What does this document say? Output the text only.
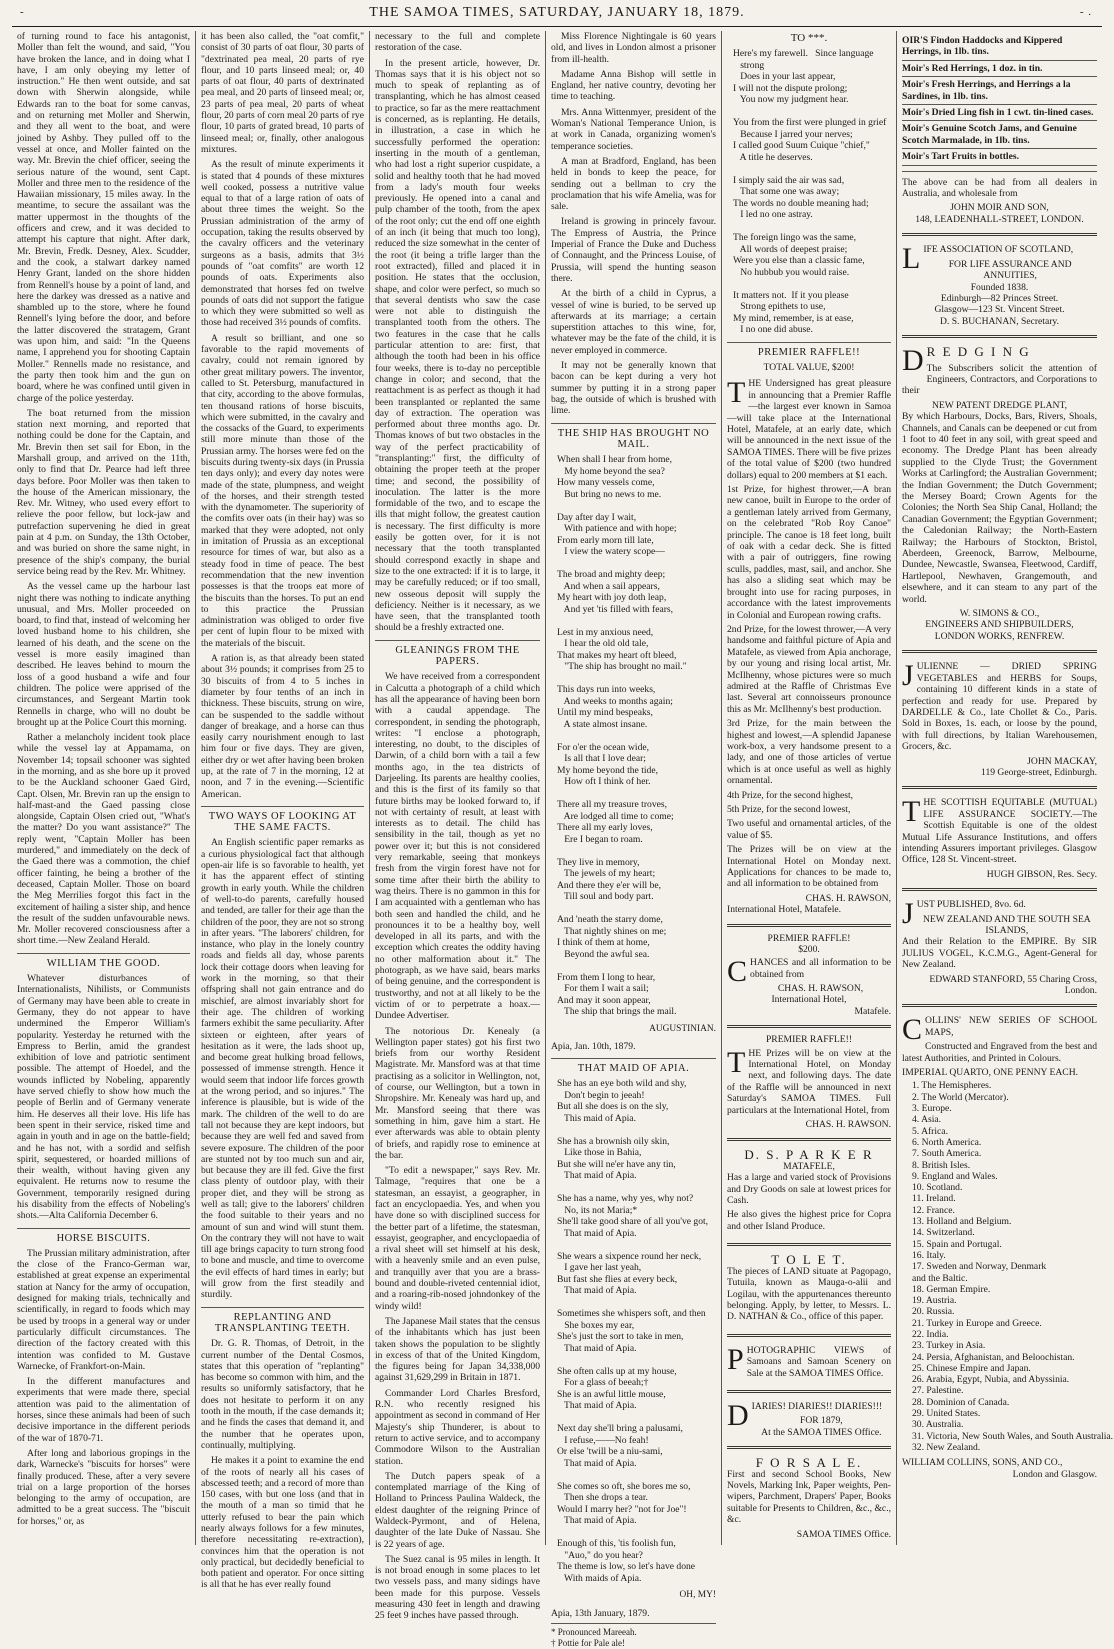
-	THE SAMOA TIMES, SATURDAY, JANUARY 18, 1879.	- .

of turning round to face his antagonist, Moller than felt the wound, and said, "You have broken the lance, and in doing what I have, I am only obeying my letter of instruction." He then went outside, and sat down with Sherwin alongside, while Edwards ran to the boat for some canvas, and on returning met Moller and Sherwin, and they all went to the boat, and were joined by Ashby. They pulled off to the vessel at once, and Moller fainted on the way. Mr. Brevin the chief officer, seeing the serious nature of the wound, sent Capt. Moller and three men to the residence of the Hawaiian missionary, 15 miles away. In the meantime, to secure the assailant was the matter uppermost in the thoughts of the officers and crew, and it was decided to attempt his capture that night. After dark, Mr. Brevin, Fredk. Desney, Alex. Scudder, and the cook, a stalwart darkey named Henry Grant, landed on the shore hidden from Rennell's house by a point of land, and here the darkey was dressed as a native and shambled up to the store, where he found Rennell's lying before the door, and before the latter discovered the stratagem, Grant was upon him, and said: "In the Queens name, I apprehend you for shooting Captain Moller." Rennells made no resistance, and the party then took him and the gun on board, where he was confined until given in charge of the police yesterday.

The boat returned from the mission station next morning, and reported that nothing could be done for the Captain, and Mr. Brevin then set sail for Ebon, in the Marshall group, and arrived on the 11th, only to find that Dr. Pearce had left three days before. Poor Moller was then taken to the house of the American missionary, the Rev. Mr. Witney, who used every effort to relieve the poor fellow, but lock-jaw and putrefaction supervening he died in great pain at 4 p.m. on Sunday, the 13th October, and was buried on shore the same night, in presence of the ship's company, the burial service being read by the Rev. Mr. Whitney.

As the vessel came up the harbour last night there was nothing to indicate anything unusual, and Mrs. Moller proceeded on board, to find that, instead of welcoming her loved husband home to his children, she learned of his death, and the scene on the vessel is more easily imagined than described. He leaves behind to mourn the loss of a good husband a wife and four children. The police were apprised of the circumstances, and Sergeant Martin took Rennells in charge, who will no doubt be brought up at the Police Court this morning.

Rather a melancholy incident took place while the vessel lay at Appamama, on November 14; topsail schooner was sighted in the morning, and as she bore up it proved to be the Auckland schooner Gaed Gird, Capt. Olsen, Mr. Brevin ran up the ensign to half-mast-and the Gaed passing close alongside, Captain Olsen cried out, "What's the matter? Do you want assistance?" The reply went, "Captain Moller has been murdered," and immediately on the deck of the Gaed there was a commotion, the chief officer fainting, he being a brother of the deceased, Captain Moller. Those on board the Meg Merrilies forgot this fact in the excitement of hailing a sister ship, and hence the result of the sudden unfavourable news. Mr. Moller recovered consciousness after a short time.—New Zealand Herald.

WILLIAM THE GOOD.

Whatever disturbances of Internationalists, Nihilists, or Communists of Germany may have been able to create in Germany, they do not appear to have undermined the Emperor William's popularity. Yesterday he returned with the Empress to Berlin, amid the grandest exhibition of love and patriotic sentiment possible. The attempt of Hoedel, and the wounds inflicted by Nobeling, apparently have served chiefly to show how much the people of Berlin and of Germany venerate him. He deserves all their love. His life has been spent in their service, risked time and again in youth and in age on the battle-field; and he has not, with a sordid and selfish spirit, sequestered, or hoarded millions of their wealth, without having given any equivalent. He returns now to resume the Government, temporarily resigned during his disability from the effects of Nobeling's shots.—Alta California December 6.

HORSE BISCUITS.

The Prussian military administration, after the close of the Franco-German war, established at great expense an experimental station at Nancy for the army of occupation, designed for making trials, technically and scientifically, in regard to foods which may be used by troops in a general way or under particularly difficult circumstances. The direction of the factory created with this intention was confided to M. Gustave Warnecke, of Frankfort-on-Main.

In the different manufactures and experiments that were made there, special attention was paid to the alimentation of horses, since these animals had been of such decisive importance in the different periods of the war of 1870-71.

After long and laborious gropings in the dark, Warnecke's "biscuits for horses" were finally produced. These, after a very severe trial on a large proportion of the horses belonging to the army of occupation, are admitted to be a great success. The "biscuit for horses," or, as

it has been also called, the "oat comfit," consist of 30 parts of oat flour, 30 parts of "dextrinated pea meal, 20 parts of rye flour, and 10 parts linseed meal; or, 40 parts of oat flour, 40 parts of dextrinated pea meal, and 20 parts of linseed meal; or, 23 parts of pea meal, 20 parts of wheat flour, 20 parts of corn meal 20 parts of rye flour, 10 parts of grated bread, 10 parts of linseed meal; or, finally, other analogous mixtures.

As the result of minute experiments it is stated that 4 pounds of these mixtures well cooked, possess a nutritive value equal to that of a large ration of oats of about three times the weight. So the Prussian administration of the army of occupation, taking the results observed by the cavalry officers and the veterinary surgeons as a basis, admits that 3½ pounds of "oat comfits" are worth 12 pounds of oats. Experiments also demonstrated that horses fed on twelve pounds of oats did not support the fatigue to which they were submitted so well as those had received 3½ pounds of comfits.

A result so brilliant, and one so favorable to the rapid movements of cavalry, could not remain ignored by other great military powers. The inventor, called to St. Petersburg, manufactured in that city, according to the above formulas, ten thousand rations of horse biscuits, which were submitted, in the cavalry and the cossacks of the Guard, to experiments still more minute than those of the Prussian army. The horses were fed on the biscuits during twenty-six days (in Prussia ten days only); and every day notes were made of the state, plumpness, and weight of the horses, and their strength tested with the dynamometer. The superiority of the comfits over oats (in their hay) was so marked that they were adopted, not only in imitation of Prussia as an exceptional resource for times of war, but also as a steady food in time of peace. The best recommendation that the new invention possesses is that the troops eat more of the biscuits than the horses. To put an end to this practice the Prussian administration was obliged to order five per cent of lupin flour to be mixed with the materials of the biscuit.

A ration is, as that already been stated about 3½ pounds; it comprises from 25 to 30 biscuits of from 4 to 5 inches in diameter by four tenths of an inch in thickness. These biscuits, strung on wire, can be suspended to the saddle without danger of breakage, and a horse can thus easily carry nourishment enough to last him four or five days. They are given, either dry or wet after having been broken up, at the rate of 7 in the morning, 12 at noon, and 7 in the evening.—Scientific American.

TWO WAYS OF LOOKING AT THE SAME FACTS.

An English scientific paper remarks as a curious physiological fact that although open-air life is so favorable to health, yet it has the apparent effect of stinting growth in early youth. While the children of well-to-do parents, carefully housed and tended, are taller for their age than the children of the poor, they are not so strong in after years. "The laborers' children, for instance, who play in the lonely country roads and fields all day, whose parents lock their cottage doors when leaving for work in the morning, so that their offspring shall not gain entrance and do mischief, are almost invariably short for their age. The children of working farmers exhibit the same peculiarity. After sixteen or eighteen, after years of hesitation as it were, the lads shoot up, and become great hulking broad fellows, possessed of immense strength. Hence it would seem that indoor life forces growth at the wrong period, and so injures." The inference is plausible, but is wide of the mark. The children of the well to do are tall not because they are kept indoors, but because they are well fed and saved from severe exposure. The children of the poor are stunted not by too much sun and air, but because they are ill fed. Give the first class plenty of outdoor play, with their proper diet, and they will be strong as well as tall; give to the laborers' children the food suitable to their years and no amount of sun and wind will stunt them. On the contrary they will not have to wait till age brings capacity to turn strong food to bone and muscle, and time to overcome the evil effects of hard times in early; but will grow from the first steadily and sturdily.

REPLANTING AND TRANSPLANTING TEETH.

Dr. G. R. Thomas, of Detroit, in the current number of the Dental Cosmos, states that this operation of "replanting" has become so common with him, and the results so uniformly satisfactory, that he does not hesitate to perform it on any tooth in the mouth, if the case demands it; and he finds the cases that demand it, and the number that he operates upon, continually, multiplying.

He makes it a point to examine the end of the roots of nearly all his cases of abscessed teeth; and a record of more than 150 cases, with but one loss (and that in the mouth of a man so timid that he utterly refused to bear the pain which nearly always follows for a few minutes, therefore necessitating re-extraction), convinces him that the operation is not only practical, but decidedly beneficial to both patient and operator. For once sitting is all that he has ever really found

necessary to the full and complete restoration of the case.

In the present article, however, Dr. Thomas says that it is his object not so much to speak of replanting as of transplanting, which he has almost ceased to practice, so far as the mere reattachment is concerned, as is replanting. He details, in illustration, a case in which he successfully performed the operation: inserting in the mouth of a gentleman, who had lost a right superior cuspidate, a solid and healthy tooth that he had moved from a lady's mouth four weeks previously. He opened into a canal and pulp chamber of the tooth, from the apex of the root only; cut the end off one eighth of an inch (it being that much too long), reduced the size somewhat in the center of the root (it being a trifle larger than the root extracted), filled and placed it in position. He states that the occlusion, shape, and color were perfect, so much so that several dentists who saw the case were not able to distinguish the transplanted tooth from the others. The two features in the case that he calls particular attention to are: first, that although the tooth had been in his office four weeks, there is to-day no perceptible change in color; and second, that the reattachment is as perfect as though it had been transplanted or replanted the same day of extraction. The operation was performed about three months ago. Dr. Thomas knows of but two obstacles in the way of the perfect practicability of "transplanting:" first, the difficulty of obtaining the proper teeth at the proper time; and second, the possibility of inoculation. The latter is the more formidable of the two, and to escape the ills that might follow, the greatest caution is necessary. The first difficulty is more easily be gotten over, for it is not necessary that the tooth transplanted should correspond exactly in shape and size to the one extracted: if it is to large, it may be carefully reduced; or if too small, new osseous deposit will supply the deficiency. Neither is it necessary, as we have seen, that the transplanted tooth should be a freshly extracted one.

GLEANINGS FROM THE PAPERS.

We have received from a correspondent in Calcutta a photograph of a child which has all the appearance of having been born with a caudal appendage. The correspondent, in sending the photograph, writes: "I enclose a photograph, interesting, no doubt, to the disciples of Darwin, of a child born with a tail a few months ago, in the tea districts of Darjeeling. Its parents are healthy coolies, and this is the first of its family so that future births may be looked forward to, if not with certainty of result, at least with interests as to detail. The child has sensibility in the tail, though as yet no power over it; but this is not considered very remarkable, seeing that monkeys fresh from the virgin forest have not for some time after their birth the ability to wag theirs. There is no gammon in this for I am acquainted with a gentleman who has both seen and handled the child, and he pronounces it to be a healthy boy, well developed in all its parts, and with the exception which creates the oddity having no other malformation about it." The photograph, as we have said, bears marks of being genuine, and the correspondent is trustworthy, and not at all likely to be the victim of or to perpetrate a hoax.—Dundee Advertiser.

The notorious Dr. Kenealy (a Wellington paper states) got his first two briefs from our worthy Resident Magistrate. Mr. Mansford was at that time practising as a solicitor in Wellington, not, of course, our Wellington, but a town in Shropshire. Mr. Kenealy was hard up, and Mr. Mansford seeing that there was something in him, gave him a start. He ever afterwards was able to obtain plenty of briefs, and rapidly rose to eminence at the bar.

"To edit a newspaper," says Rev. Mr. Talmage, "requires that one be a statesman, an essayist, a geographer, in fact an encyclopaedia. Yes, and when you have done so with disciplined success for the better part of a lifetime, the statesman, essayist, geographer, and encyclopaedia of a rival sheet will set himself at his desk, with a heavenly smile and an even pulse, and tranquilly aver that you are a brass-bound and double-riveted centennial idiot, and a roaring-rib-nosed johndonkey of the windy wild!

The Japanese Mail states that the census of the inhabitants which has just been taken shows the population to be slightly in excess of that of the United Kingdom, the figures being for Japan 34,338,000 against 31,629,299 in Britain in 1871.

Commander Lord Charles Bresford, R.N. who recently resigned his appointment as second in command of Her Majesty's ship Thunderer, is about to return to active service, and to accompany Commodore Wilson to the Australian station.

The Dutch papers speak of a contemplated marriage of the King of Holland to Princess Paulina Waldeck, the eldest daughter of the reigning Prince of Waldeck-Pyrmont, and of Helena, daughter of the late Duke of Nassau. She is 22 years of age.

The Suez canal is 95 miles in length. It is not broad enough in some places to let two vessels pass, and many sidings have been made for this purpose. Vessels measuring 430 feet in length and drawing 25 feet 9 inches have passed through.

Miss Florence Nightingale is 60 years old, and lives in London almost a prisoner from ill-health.

Madame Anna Bishop will settle in England, her native country, devoting her time to teaching.

Mrs. Anna Wittenmyer, president of the Woman's National Temperance Union, is at work in Canada, organizing women's temperance societies.

A man at Bradford, England, has been held in bonds to keep the peace, for sending out a bellman to cry the proclamation that his wife Amelia, was for sale.

Ireland is growing in princely favour. The Empress of Austria, the Prince Imperial of France the Duke and Duchess of Connaught, and the Princess Louise, of Prussia, will spend the hunting season there.

At the birth of a child in Cyprus, a vessel of wine is buried, to be served up afterwards at its marriage; a certain superstition attaches to this wine, for, whatever may be the fate of the child, it is never employed in commerce.

It may not be generally known that bacon can be kept during a very hot summer by putting it in a strong paper bag, the outside of which is brushed with lime.

THE SHIP HAS BROUGHT NO MAIL.
When shall I hear from home,
My home beyond the sea?
How many vessels come,
But bring no news to me.

Day after day I wait,
With patience and with hope;
From early morn till late,
I view the watery scope—

The broad and mighty deep;
And when a sail appears,
My heart with joy doth leap,
And yet 'tis filled with fears,

Lest in my anxious need,
I hear the old old tale,
That makes my heart oft bleed,
"The ship has brought no mail."

This days run into weeks,
And weeks to months again;
Until my mind bespeaks,
A state almost insane.

For o'er the ocean wide,
Is all that I love dear;
My home beyond the tide,
How oft I think of her.

There all my treasure troves,
Are lodged all time to come;
There all my early loves,
Ere I began to roam.

They live in memory,
The jewels of my heart;
And there they e'er will be,
Till soul and body part.

And 'neath the starry dome,
That nightly shines on me;
I think of them at home,
Beyond the awful sea.

From them I long to hear,
For them I wait a sail;
And may it soon appear,
The ship that brings the mail.
AUGUSTINIAN.
Apia, Jan. 10th, 1879.
THAT MAID OF APIA.
She has an eye both wild and shy,
Don't begin to jeeah!
But all she does is on the sly,
This maid of Apia.

She has a brownish oily skin,
Like those in Bahia,
But she will ne'er have any tin,
That maid of Apia.

She has a name, why yes, why not?
No, its not Maria;*
She'll take good share of all you've got,
That maid of Apia.

She wears a sixpence round her neck,
I gave her last yeah,
But fast she flies at every beck,
That maid of Apia.

Sometimes she whispers soft, and then
She boxes my ear,
She's just the sort to take in men,
That maid of Apia.

She often calls up at my house,
For a glass of beeah;†
She is an awful little mouse,
That maid of Apia.

Next day she'll bring a palusami,
I refuse,——No feah!
Or else 'twill be a niu-sami,
That maid of Apia.

She comes so oft, she bores me so,
Then she drops a tear.
Would I marry her? "not for Joe"!
That maid of Apia.

Enough of this, 'tis foolish fun,
"Auo," do you hear?
The theme is low, so let's have done
With maids of Apia.
OH, MY!
Apia, 13th January, 1879.
* Pronounced Mareeah.
† Pottie for Pale ale!
TO ***.
Here's my farewell.   Since language
strong
Does in your last appear,
I will not the dispute prolong;
You now my judgment hear.

You from the first were plunged in grief
Because I jarred your nerves;
I called good Suum Cuique "chief,"
A title he deserves.

I simply said the air was sad,
That some one was away;
The words no double meaning had;
I led no one astray.

The foreign lingo was the same,
All words of deepest praise;
Were you else than a classic fame,
No hubbub you would raise.

It matters not.  If it you please
Strong epithets to use,
My mind, remember, is at ease,
I no one did abuse.
PREMIER RAFFLE!!
TOTAL VALUE, $200!

THE Undersigned has great pleasure in announcing that a Premier Raffle —the largest ever known in Samoa—will take place at the International Hotel, Matafele, at an early date, which will be announced in the next issue of the SAMOA TIMES. There will be five prizes of the total value of $200 (two hundred dollars) equal to 200 members at $1 each.

1st Prize, for highest thrower,—A bran new canoe, built in Europe to the order of a gentleman lately arrived from Germany, on the celebrated "Rob Roy Canoe" principle. The canoe is 18 feet long, built of oak with a cedar deck. She is fitted with a pair of outriggers, fine rowing sculls, paddles, mast, sail, and anchor. She has also a sliding seat which may be brought into use for racing purposes, in accordance with the latest improvements in Colonial and European rowing crafts.

2nd Prize, for the lowest thrower,—A very handsome and faithful picture of Apia and Matafele, as viewed from Apia anchorage, by our young and rising local artist, Mr. McIlhenny, whose pictures were so much admired at the Raffle of Christmas Eve last. Several art connoisseurs pronounce this as Mr. McIlhenny's best production.

3rd Prize, for the main between the highest and lowest,—A splendid Japanese work-box, a very handsome present to a lady, and one of those articles of vertue which is at once useful as well as highly ornamental.

4th Prize, for the second highest,

5th Prize, for the second lowest,

Two useful and ornamental articles, of the value of $5.

The Prizes will be on view at the International Hotel on Monday next. Applications for chances to be made to, and all information to be obtained from

CHAS. H. RAWSON,
International Hotel, Matafele.
PREMIER RAFFLE!
$200.

CHANCES and all information to be obtained from

CHAS. H. RAWSON,
International Hotel,
Matafele.
PREMIER RAFFLE!!

THE Prizes will be on view at the International Hotel, on Monday next, and following days. The date of the Raffle will be announced in next Saturday's SAMOA TIMES. Full particulars at the International Hotel, from

CHAS. H. RAWSON.
D. S. P A R K E R
MATAFELE,

Has a large and varied stock of Provisions and Dry Goods on sale at lowest prices for Cash.

He also gives the highest price for Copra and other Island Produce.

T O L E T.

The pieces of LAND situate at Pagopago, Tutuila, known as Mauga-o-alii and Logilau, with the appurtenances thereunto belonging. Apply, by letter, to Messrs. L. D. NATHAN & Co., office of this paper.

PHOTOGRAPHIC VIEWS of Samoans and Samoan Scenery on Sale at the SAMOA TIMES Office.

DIARIES! DIARIES!! DIARIES!!!

FOR 1879,
At the SAMOA TIMES Office.
F O R S A L E.

First and second School Books, New Novels, Marking Ink, Paper weights, Pen-wipers, Parchment, Drapers' Paper, Books suitable for Presents to Children, &c., &c., &c.

SAMOA TIMES Office.
OIR'S Findon Haddocks and Kippered Herrings, in 1lb. tins.
Moir's Red Herrings, 1 doz. in tin.
Moir's Fresh Herrings, and Herrings a la Sardines, in 1lb. tins.
Moir's Dried Ling fish in 1 cwt. tin-lined cases.
Moir's Genuine Scotch Jams, and Genuine Scotch Marmalade, in 1lb. tins.
Moir's Tart Fruits in bottles.

The above can be had from all dealers in Australia, and wholesale from

JOHN MOIR AND SON,
148, LEADENHALL-STREET, LONDON.

LIFE ASSOCIATION OF SCOTLAND,

FOR LIFE ASSURANCE AND ANNUITIES,
Founded 1838.
Edinburgh—82 Princes Street.
Glasgow—123 St. Vincent Street.
D. S. BUCHANAN, Secretary.

D R E D G I N G

The Subscribers solicit the attention of Engineers, Contractors, and Corporations to their

NEW PATENT DREDGE PLANT,

By which Harbours, Docks, Bars, Rivers, Shoals, Channels, and Canals can be deepened or cut from 1 foot to 40 feet in any soil, with great speed and economy. The Dredge Plant has been already supplied to the Clyde Trust; the Government Works at Carlingford; the Australian Government; the Indian Government; the Dutch Government; the Mersey Board; Crown Agents for the Colonies; the North Sea Ship Canal, Holland; the Canadian Government; the Egyptian Government; the Caledonian Railway; the North-Eastern Railway; the Harbours of Stockton, Bristol, Aberdeen, Greenock, Barrow, Melbourne, Dundee, Newcastle, Swansea, Fleetwood, Cardiff, Hartlepool, Newhaven, Grangemouth, and elsewhere, and it can steam to any part of the world.

W. SIMONS & CO.,
ENGINEERS AND SHIPBUILDERS,
LONDON WORKS, RENFREW.

JULIENNE — DRIED SPRING VEGETABLES and HERBS for Soups, containing 10 different kinds in a state of perfection and ready for use. Prepared by DARDELLE & Co., late Chollet & Co., Paris. Sold in Boxes, 1s. each, or loose by the pound, with full directions, by Italian Warehousemen, Grocers, &c.

JOHN MACKAY,
119 George-street, Edinburgh.

THE SCOTTISH EQUITABLE (MUTUAL) LIFE ASSURANCE SOCIETY.—The Scottish Equitable is one of the oldest Mutual Life Assurance Institutions, and offers intending Assurers important privileges. Glasgow Office, 128 St. Vincent-street.

HUGH GIBSON, Res. Secy.

JUST PUBLISHED, 8vo. 6d.

NEW ZEALAND AND THE SOUTH SEA ISLANDS,

And their Relation to the EMPIRE. By SIR JULIUS VOGEL, K.C.M.G., Agent-General for New Zealand.

EDWARD STANFORD, 55 Charing Cross, London.

COLLINS' NEW SERIES OF SCHOOL MAPS,

Constructed and Engraved from the best and latest Authorities, and Printed in Colours.

IMPERIAL QUARTO, ONE PENNY EACH.
1. The Hemispheres.
2. The World (Mercator).
3. Europe.
4. Asia.
5. Africa.
6. North America.
7. South America.
8. British Isles.
9. England and Wales.
10. Scotland.
11. Ireland.
12. France.
13. Holland and Belgium.
14. Switzerland.
15. Spain and Portugal.
16. Italy.
17. Sweden and Norway, Denmark
and the Baltic.
18. German Empire.
19. Austria.
20. Russia.
21. Turkey in Europe and Greece.
22. India.
23. Turkey in Asia.
24. Persia, Afghanistan, and Beloochistan.
25. Chinese Empire and Japan.
26. Arabia, Egypt, Nubia, and Abyssinia.
27. Palestine.
28. Dominion of Canada.
29. United States.
30. Australia.
31. Victoria, New South Wales, and South Australia.
32. New Zealand.
WILLIAM COLLINS, SONS, AND CO.,
London and Glasgow.
